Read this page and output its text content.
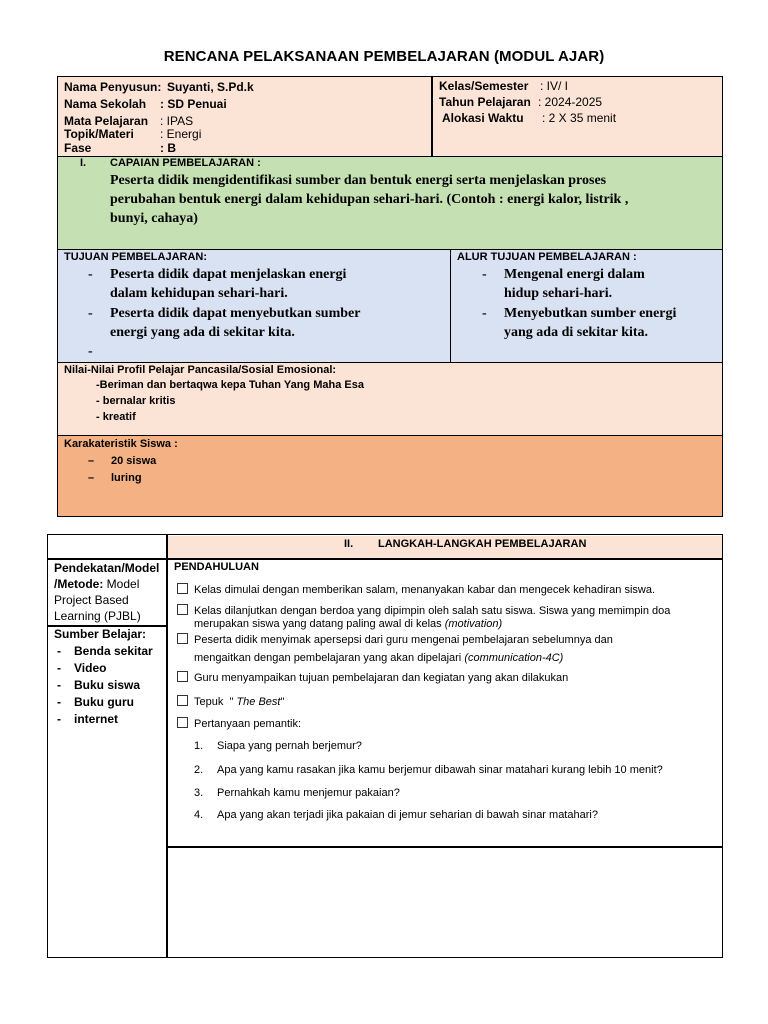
RENCANA PELAKSANAAN PEMBELAJARAN (MODUL AJAR)
Nama Penyusun: Suyanti, S.Pd.k
Nama Sekolah : SD Penuai
Mata Pelajaran : IPAS
Topik/Materi : Energi
Fase	: B
Kelas/Semester : IV/ I
Tahun Pelajaran : 2024-2025
Alokasi Waktu : 2 X 35 menit
I. CAPAIAN PEMBELAJARAN :
Peserta didik mengidentifikasi sumber dan bentuk energi serta menjelaskan proses
perubahan bentuk energi dalam kehidupan sehari-hari. (Contoh : energi kalor, listrik ,
bunyi, cahaya)
TUJUAN PEMBELAJARAN:
- Peserta didik dapat menjelaskan energi
dalam kehidupan sehari-hari.
- Peserta didik dapat menyebutkan sumber
energi yang ada di sekitar kita.
-
ALUR TUJUAN PEMBELAJARAN :
- Mengenal energi dalam
hidup sehari-hari.
- Menyebutkan sumber energi
yang ada di sekitar kita.
Nilai-Nilai Profil Pelajar Pancasila/Sosial Emosional:
-Beriman dan bertaqwa kepa Tuhan Yang Maha Esa
- bernalar kritis
- kreatif
Karakateristik Siswa :
– 20 siswa
– luring
II. LANGKAH-LANGKAH PEMBELAJARAN
Pendekatan/Model
/Metode: Model
Project Based
Learning (PJBL)
Sumber Belajar:
- Benda sekitar
- Video
- Buku siswa
- Buku guru
- internet
PENDAHULUAN
Kelas dimulai dengan memberikan salam, menanyakan kabar dan mengecek kehadiran siswa.
Kelas dilanjutkan dengan berdoa yang dipimpin oleh salah satu siswa. Siswa yang memimpin doa
merupakan siswa yang datang paling awal di kelas (motivation)
Peserta didik menyimak apersepsi dari guru mengenai pembelajaran sebelumnya dan
mengaitkan dengan pembelajaran yang akan dipelajari (communication-4C)
Guru menyampaikan tujuan pembelajaran dan kegiatan yang akan dilakukan
Tepuk  " The Best"
Pertanyaan pemantik:
1. Siapa yang pernah berjemur?
2. Apa yang kamu rasakan jika kamu berjemur dibawah sinar matahari kurang lebih 10 menit?
3. Pernahkah kamu menjemur pakaian?
4. Apa yang akan terjadi jika pakaian di jemur seharian di bawah sinar matahari?
